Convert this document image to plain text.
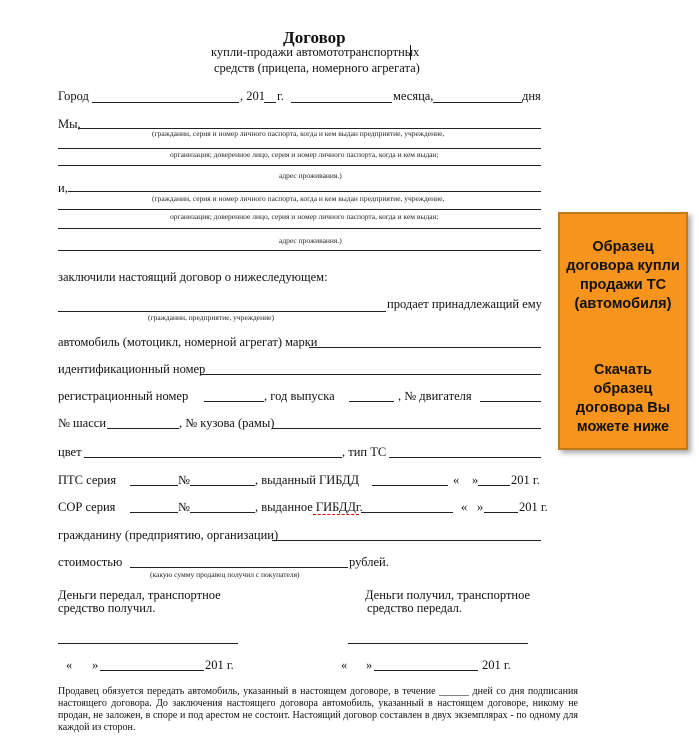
Договор
купли-продажи автомототранспортных
средств (прицепа, номерного агрегата)
Город	, 201 г.	месяца,	дня
Мы,
(гражданин, серия и номер личного паспорта, когда и кем выдан предприятие, учреждение,
организация; доверенное лицо, серия и номер личного паспорта, когда и кем выдан;
адрес проживания.)
и,
(гражданин, серия и номер личного паспорта, когда и кем выдан предприятие, учреждение,
организация; доверенное лицо, серия и номер личного паспорта, когда и кем выдан;
адрес проживания.)
заключили настоящий договор о нижеследующем:
продает принадлежащий ему
(гражданин, предприятие, учреждение)
автомобиль (мотоцикл, номерной агрегат) марки
идентификационный номер
регистрационный номер	, год выпуска	, № двигателя
№ шасси	, № кузова (рамы)
цвет	, тип ТС
ПТС серия	№	, выданный ГИБДД	« »	201 г.
СОР серия	№	, выданное ГИБДДг.	« »	201 г.
гражданину (предприятию, организации)
стоимостью	рублей.
(какую сумму продавец получил с покупателя)
Деньги передал, транспортное
средство получил.
Деньги получил, транспортное
средство передал.
« »	201 г.	« »	201 г.
Продавец обязуется передать автомобиль, указанный в настоящем договоре, в течение ______ дней со дня подписания настоящего договора. До заключения настоящего договора автомобиль, указанный в настоящем договоре, никому не продан, не заложен, в споре и под арестом не состоит. Настоящий договор составлен в двух экземплярах - по одному для каждой из сторон.
Образец
договора купли
продажи ТС
(автомобиля)
Скачать
образец
договора Вы
можете ниже
